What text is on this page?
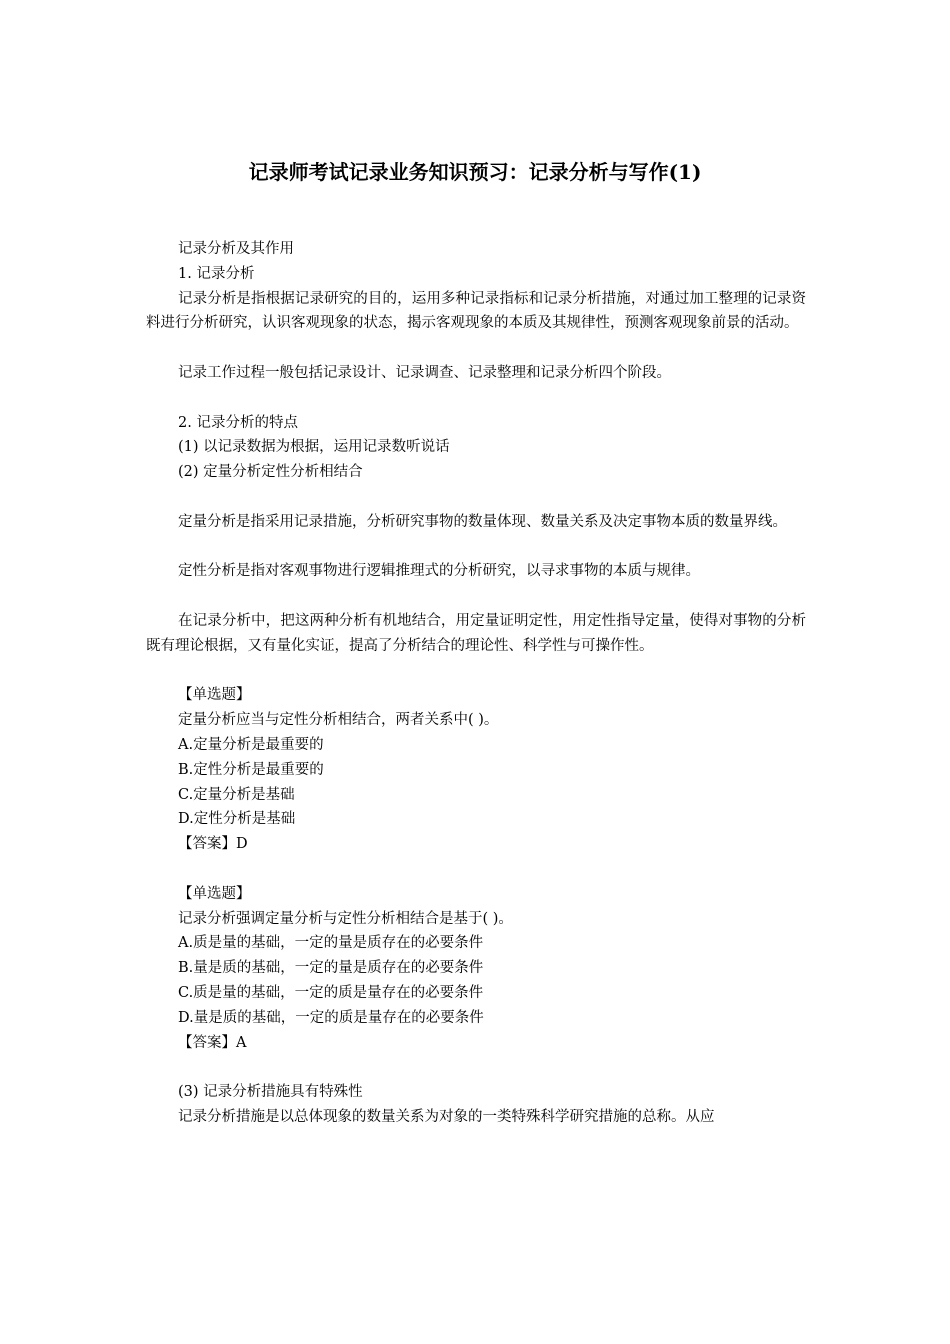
记录师考试记录业务知识预习：记录分析与写作(1)

记录分析及其作用

1. 记录分析

记录分析是指根据记录研究的目的，运用多种记录指标和记录分析措施，对通过加工整理的记录资料进行分析研究，认识客观现象的状态，揭示客观现象的本质及其规律性，预测客观现象前景的活动。

记录工作过程一般包括记录设计、记录调查、记录整理和记录分析四个阶段。

2. 记录分析的特点

(1) 以记录数据为根据，运用记录数听说话

(2) 定量分析定性分析相结合

定量分析是指采用记录措施，分析研究事物的数量体现、数量关系及决定事物本质的数量界线。

定性分析是指对客观事物进行逻辑推理式的分析研究，以寻求事物的本质与规律。

在记录分析中，把这两种分析有机地结合，用定量证明定性，用定性指导定量，使得对事物的分析既有理论根据，又有量化实证，提高了分析结合的理论性、科学性与可操作性。

【单选题】

定量分析应当与定性分析相结合，两者关系中( )。

A.定量分析是最重要的

B.定性分析是最重要的

C.定量分析是基础

D.定性分析是基础

【答案】D

【单选题】

记录分析强调定量分析与定性分析相结合是基于( )。

A.质是量的基础，一定的量是质存在的必要条件

B.量是质的基础，一定的量是质存在的必要条件

C.质是量的基础，一定的质是量存在的必要条件

D.量是质的基础，一定的质是量存在的必要条件

【答案】A

(3) 记录分析措施具有特殊性

记录分析措施是以总体现象的数量关系为对象的一类特殊科学研究措施的总称。从应
